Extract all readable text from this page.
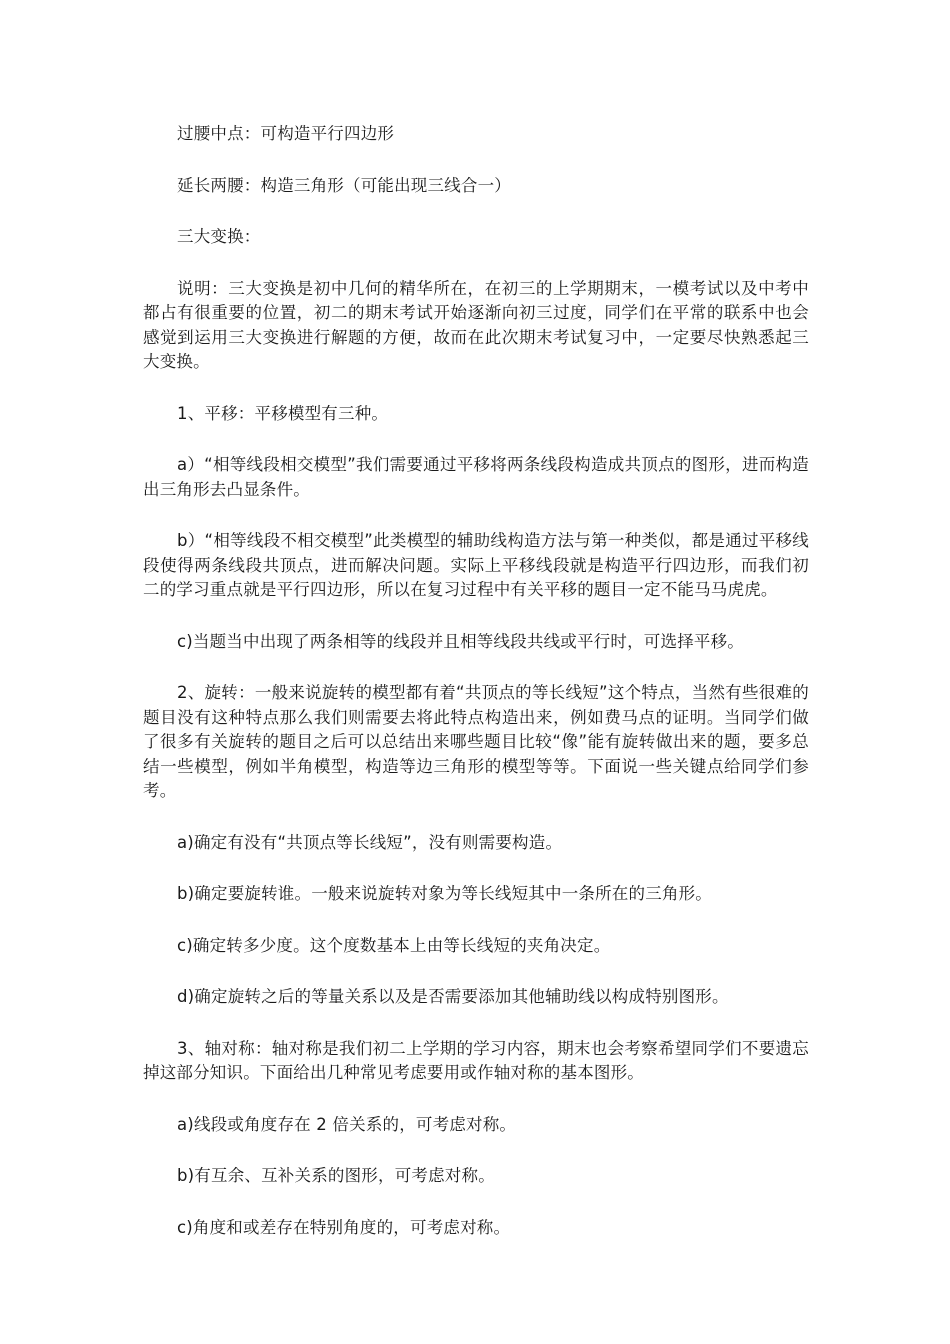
过腰中点：可构造平行四边形

延长两腰：构造三角形（可能出现三线合一）

三大变换：

说明：三大变换是初中几何的精华所在，在初三的上学期期末，一模考试以及中考中都占有很重要的位置，初二的期末考试开始逐渐向初三过度，同学们在平常的联系中也会感觉到运用三大变换进行解题的方便，故而在此次期末考试复习中，一定要尽快熟悉起三大变换。

1、平移：平移模型有三种。

a）“相等线段相交模型”我们需要通过平移将两条线段构造成共顶点的图形，进而构造出三角形去凸显条件。

b）“相等线段不相交模型”此类模型的辅助线构造方法与第一种类似，都是通过平移线段使得两条线段共顶点，进而解决问题。实际上平移线段就是构造平行四边形，而我们初二的学习重点就是平行四边形，所以在复习过程中有关平移的题目一定不能马马虎虎。

c)当题当中出现了两条相等的线段并且相等线段共线或平行时，可选择平移。

2、旋转：一般来说旋转的模型都有着“共顶点的等长线短”这个特点，当然有些很难的题目没有这种特点那么我们则需要去将此特点构造出来，例如费马点的证明。当同学们做了很多有关旋转的题目之后可以总结出来哪些题目比较“像”能有旋转做出来的题，要多总结一些模型，例如半角模型，构造等边三角形的模型等等。下面说一些关键点给同学们参考。

a)确定有没有“共顶点等长线短”，没有则需要构造。

b)确定要旋转谁。一般来说旋转对象为等长线短其中一条所在的三角形。

c)确定转多少度。这个度数基本上由等长线短的夹角决定。

d)确定旋转之后的等量关系以及是否需要添加其他辅助线以构成特别图形。

3、轴对称：轴对称是我们初二上学期的学习内容，期末也会考察希望同学们不要遗忘掉这部分知识。下面给出几种常见考虑要用或作轴对称的基本图形。

a)线段或角度存在 2 倍关系的，可考虑对称。

b)有互余、互补关系的图形，可考虑对称。

c)角度和或差存在特别角度的，可考虑对称。
